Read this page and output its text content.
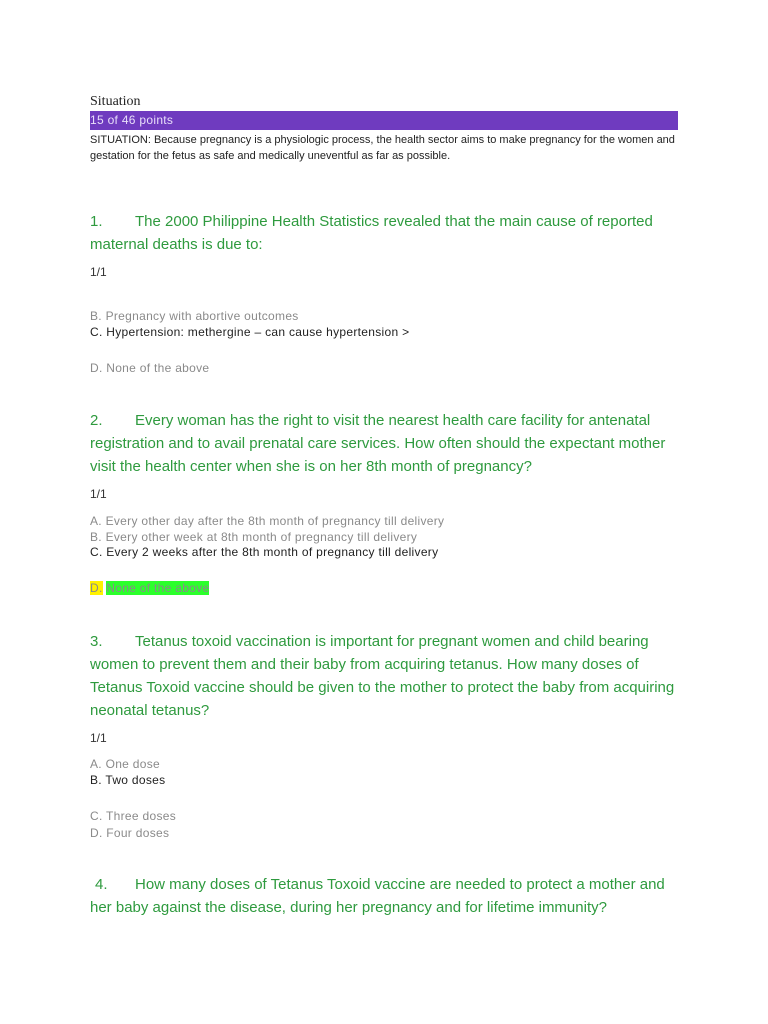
Situation
15 of 46 points
SITUATION: Because pregnancy is a physiologic process, the health sector aims to make pregnancy for the women and gestation for the fetus as safe and medically uneventful as far as possible.
1. The 2000 Philippine Health Statistics revealed that the main cause of reported maternal deaths is due to:
1/1
B. Pregnancy with abortive outcomes
C. Hypertension: methergine – can cause hypertension >
D. None of the above
2. Every woman has the right to visit the nearest health care facility for antenatal registration and to avail prenatal care services. How often should the expectant mother visit the health center when she is on her 8th month of pregnancy?
1/1
A. Every other day after the 8th month of pregnancy till delivery
B. Every other week at 8th month of pregnancy till delivery
C. Every 2 weeks after the 8th month of pregnancy till delivery
D. None of the above
3. Tetanus toxoid vaccination is important for pregnant women and child bearing women to prevent them and their baby from acquiring tetanus. How many doses of Tetanus Toxoid vaccine should be given to the mother to protect the baby from acquiring neonatal tetanus?
1/1
A. One dose
B. Two doses
C. Three doses
D. Four doses
4. How many doses of Tetanus Toxoid vaccine are needed to protect a mother and her baby against the disease, during her pregnancy and for lifetime immunity?
